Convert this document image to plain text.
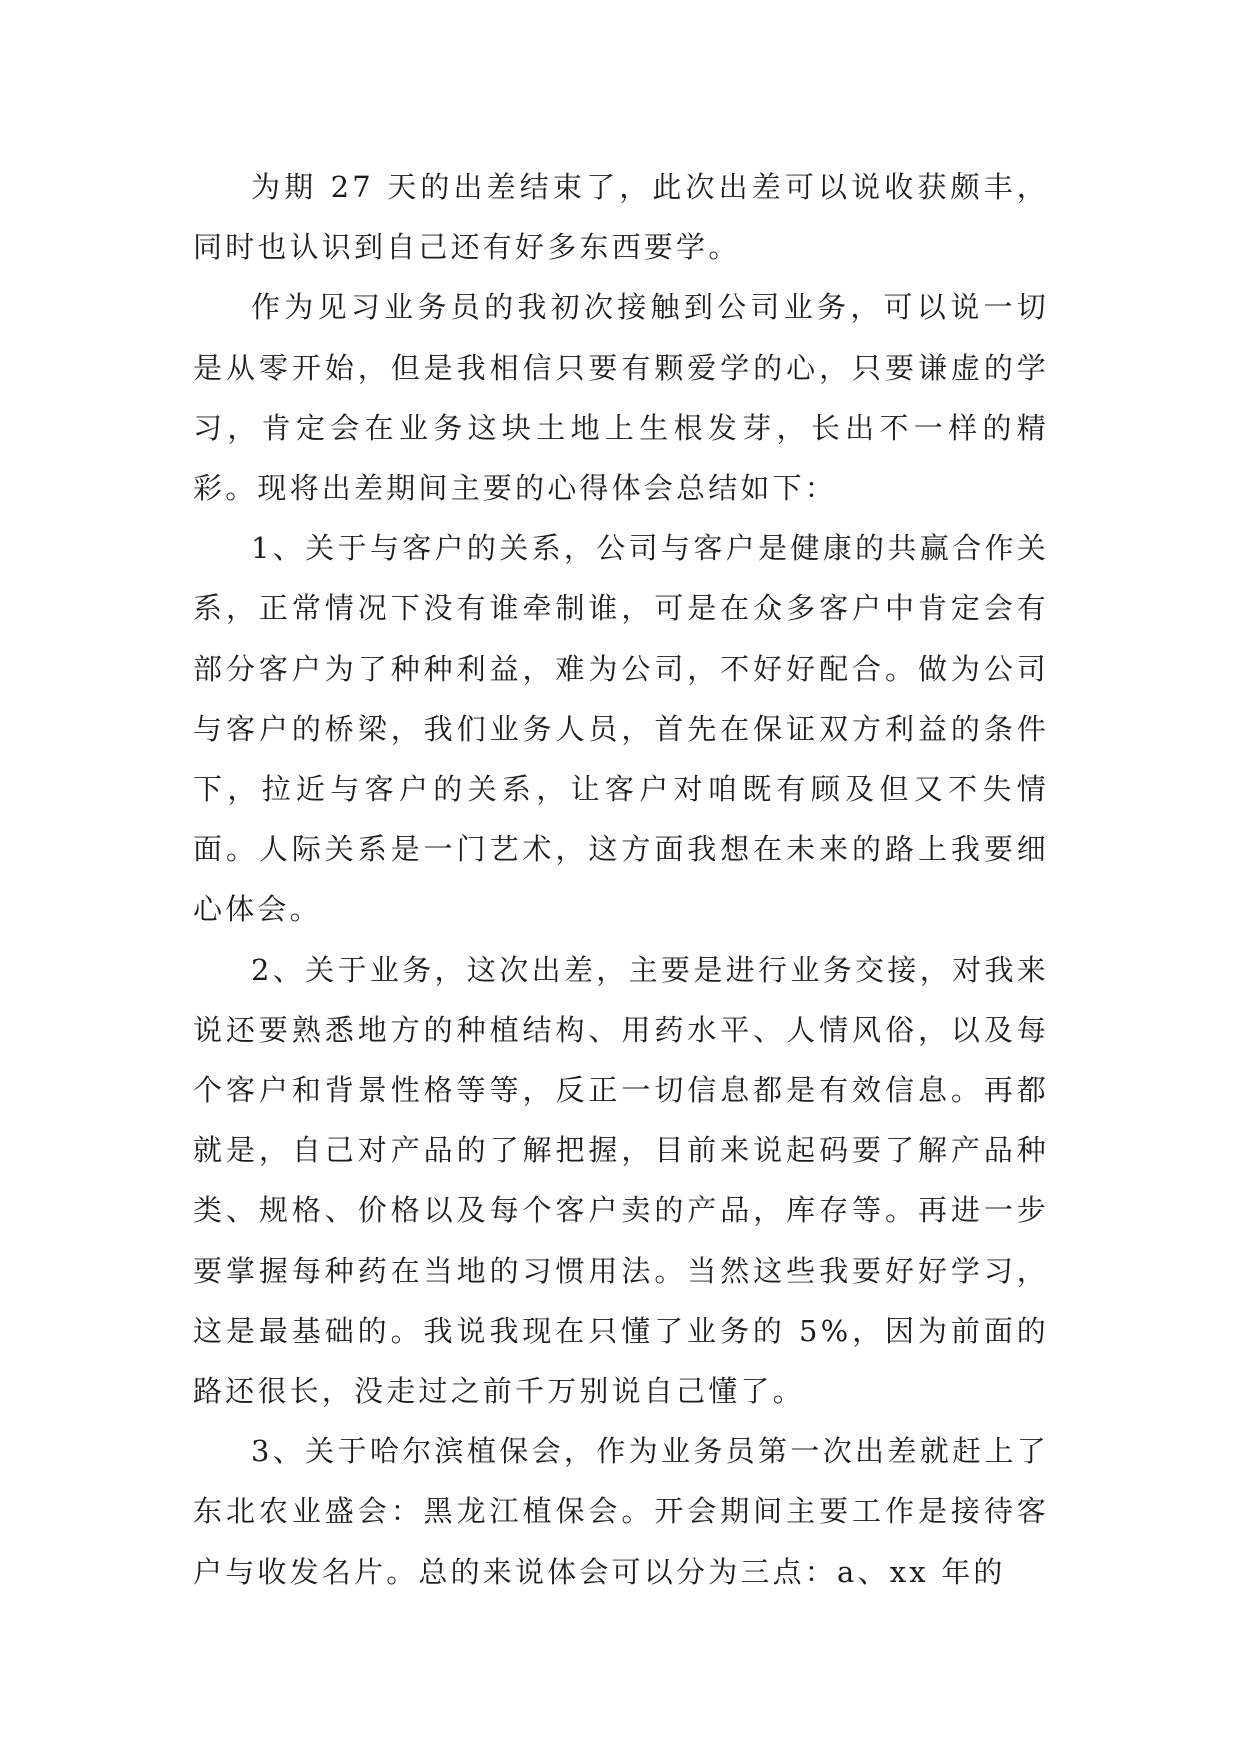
为期 27 天的出差结束了，此次出差可以说收获颇丰，同时也认识到自己还有好多东西要学。

作为见习业务员的我初次接触到公司业务，可以说一切是从零开始，但是我相信只要有颗爱学的心，只要谦虚的学习，肯定会在业务这块土地上生根发芽，长出不一样的精彩。现将出差期间主要的心得体会总结如下：

1、关于与客户的关系，公司与客户是健康的共赢合作关系，正常情况下没有谁牵制谁，可是在众多客户中肯定会有部分客户为了种种利益，难为公司，不好好配合。做为公司与客户的桥梁，我们业务人员，首先在保证双方利益的条件下，拉近与客户的关系，让客户对咱既有顾及但又不失情面。人际关系是一门艺术，这方面我想在未来的路上我要细心体会。

2、关于业务，这次出差，主要是进行业务交接，对我来说还要熟悉地方的种植结构、用药水平、人情风俗，以及每个客户和背景性格等等，反正一切信息都是有效信息。再都就是，自己对产品的了解把握，目前来说起码要了解产品种类、规格、价格以及每个客户卖的产品，库存等。再进一步要掌握每种药在当地的习惯用法。当然这些我要好好学习，这是最基础的。我说我现在只懂了业务的 5%，因为前面的路还很长，没走过之前千万别说自己懂了。

3、关于哈尔滨植保会，作为业务员第一次出差就赶上了东北农业盛会：黑龙江植保会。开会期间主要工作是接待客户与收发名片。总的来说体会可以分为三点：a、xx 年的
